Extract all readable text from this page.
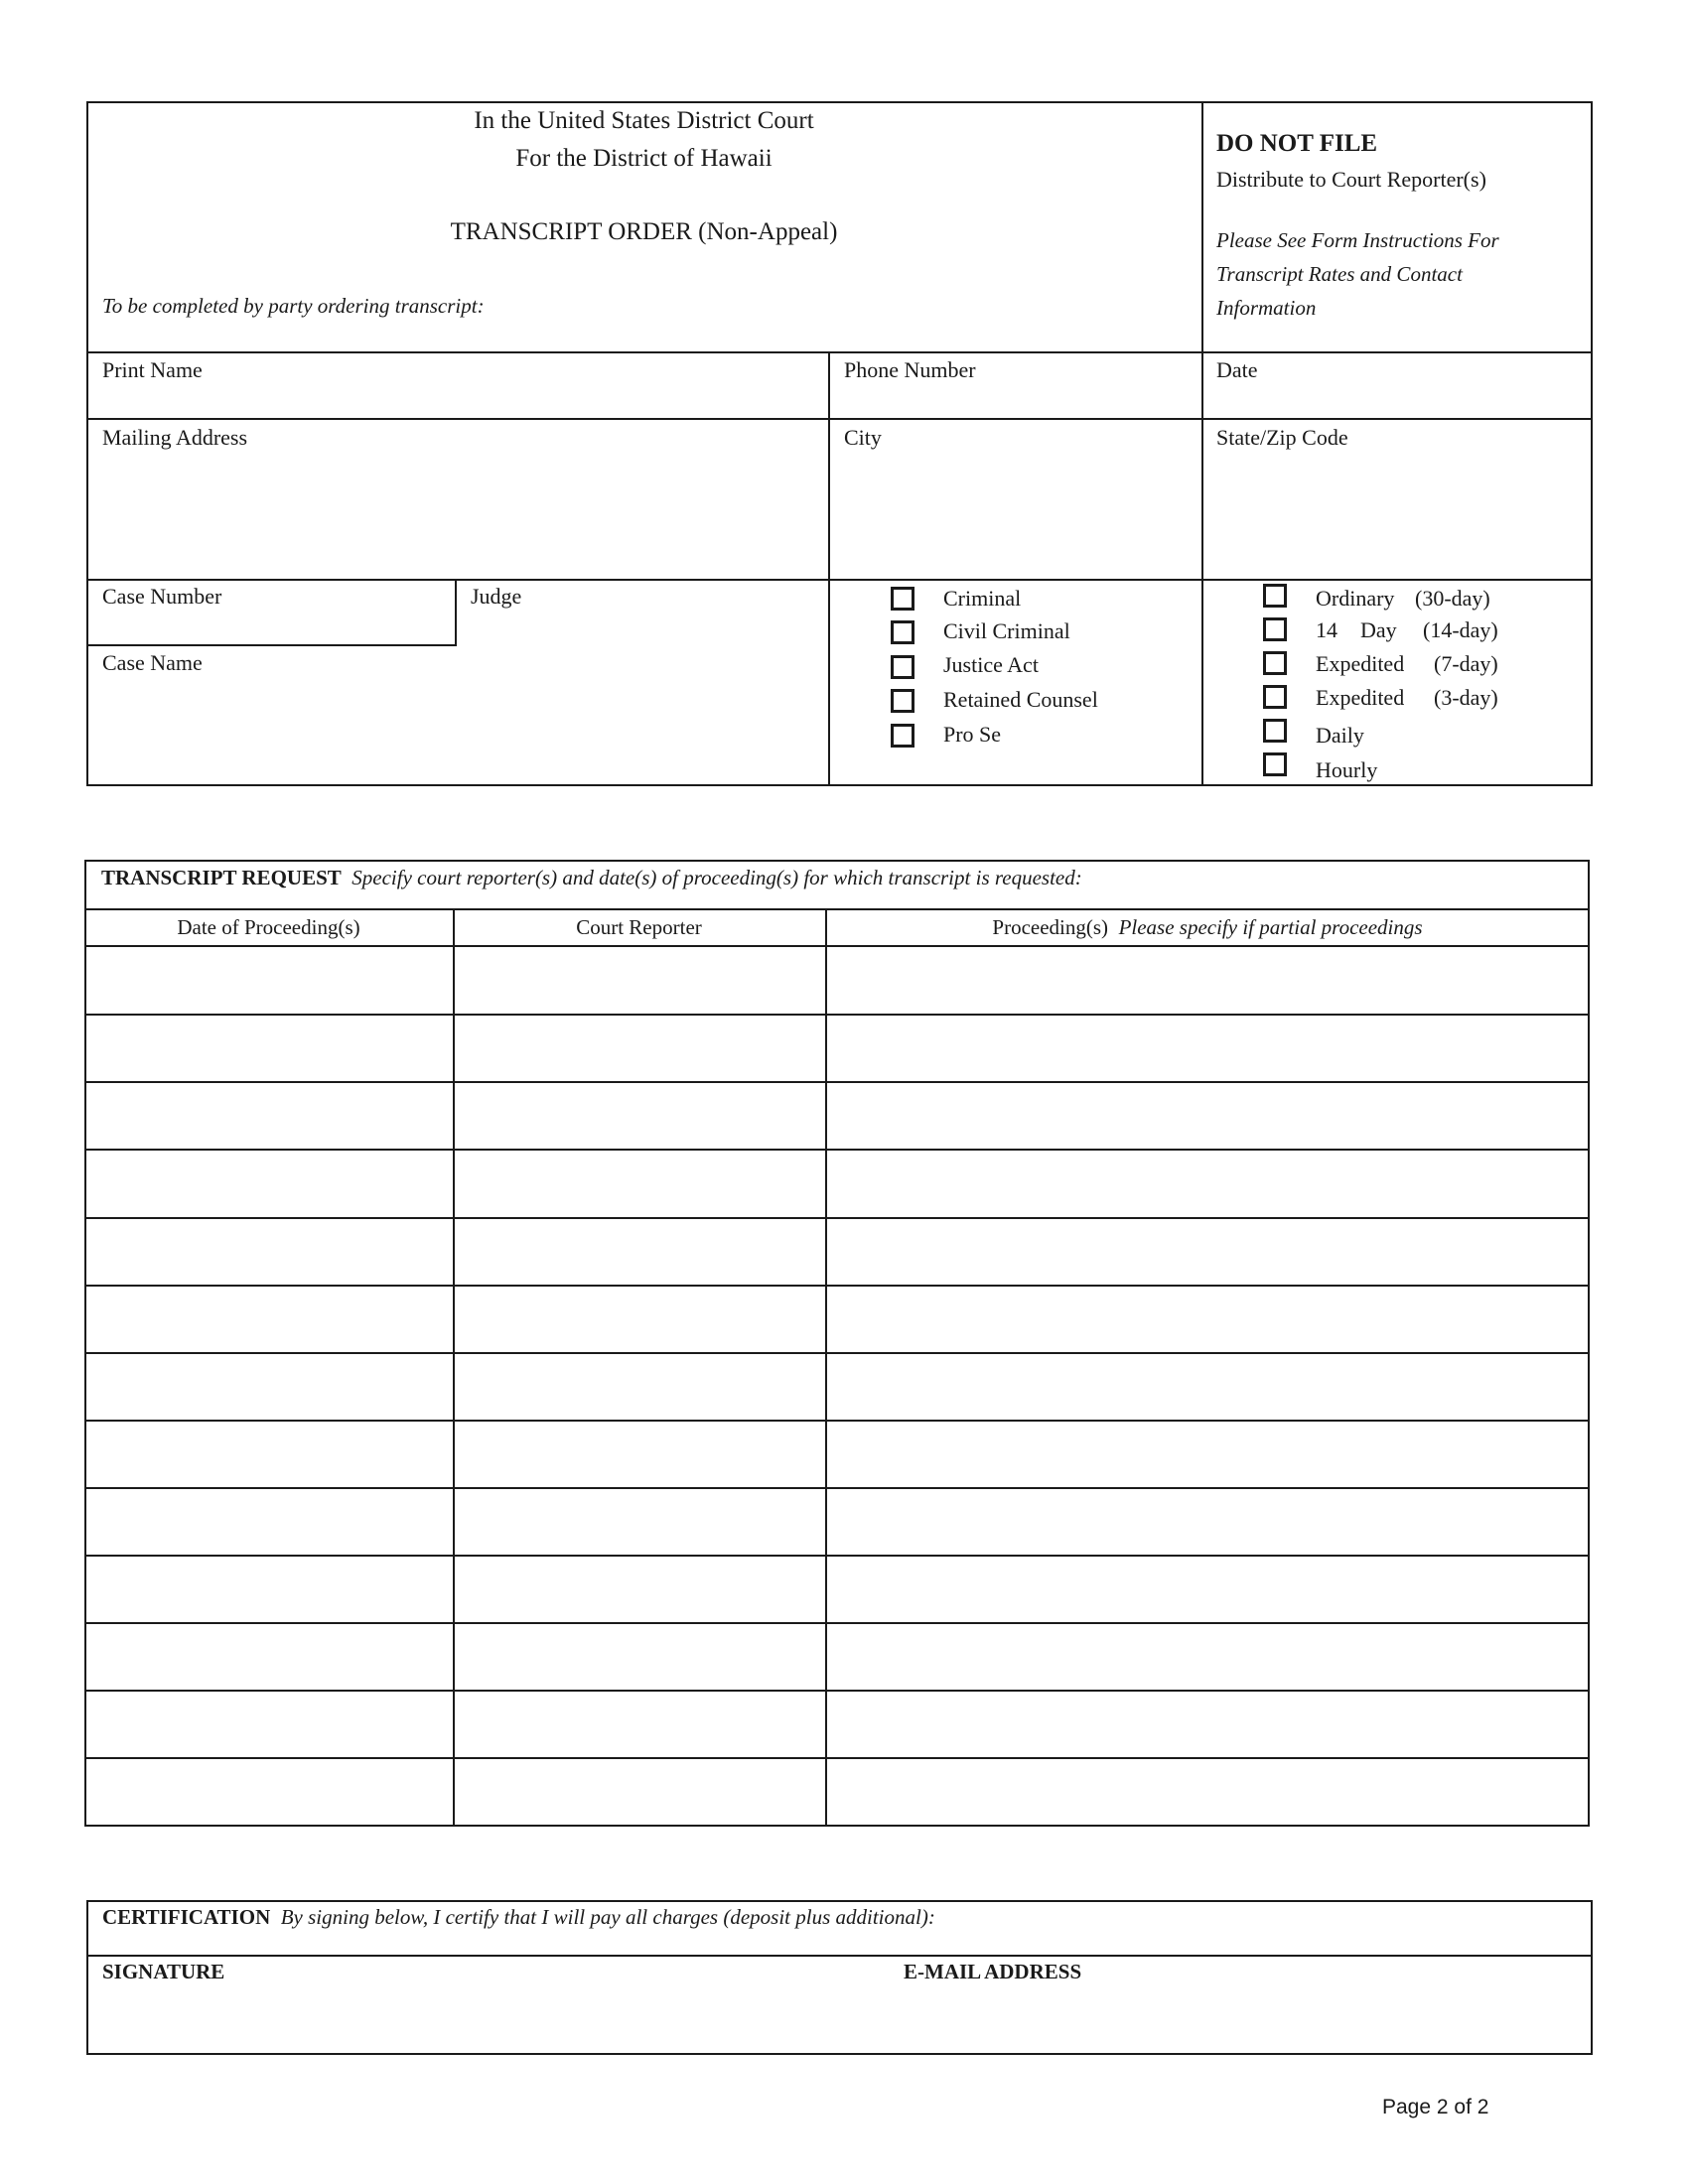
In the United States District Court
For the District of Hawaii
TRANSCRIPT ORDER (Non-Appeal)
To be completed by party ordering transcript:
DO NOT FILE
Distribute to Court Reporter(s)
Please See Form Instructions For
Transcript Rates and Contact
Information
Print Name	Phone Number	Date
Mailing Address	City	State/Zip Code
Case Number	Judge
Case Name
Criminal
Civil Criminal
Justice Act
Retained Counsel
Pro Se
Ordinary (30-day)
14 Day (14-day)
Expedited (7-day)
Expedited (3-day)
Daily
Hourly
TRANSCRIPT REQUEST Specify court reporter(s) and date(s) of proceeding(s) for which transcript is requested:
Date of Proceeding(s)	Court Reporter	Proceeding(s) Please specify if partial proceedings
CERTIFICATION By signing below, I certify that I will pay all charges (deposit plus additional):
SIGNATURE	E-MAIL ADDRESS
Page 2 of 2
